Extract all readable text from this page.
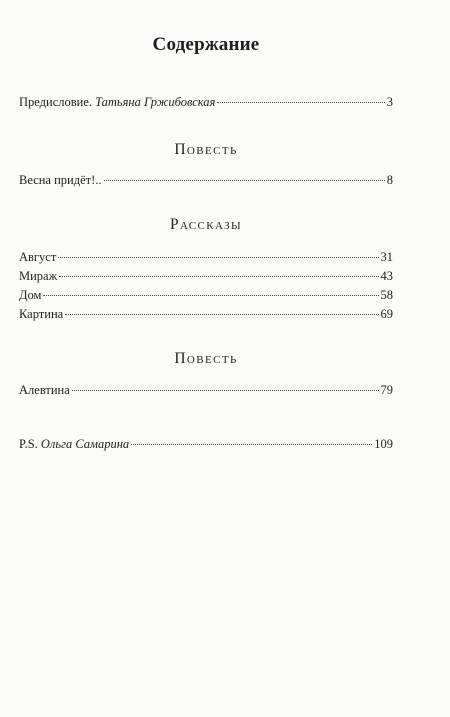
Содержание
Предисловие. Татьяна Гржибовская	3
Повесть
Весна придёт!..	8
Рассказы
Август	31
Мираж	43
Дом	58
Картина	69
Повесть
Алевтина	79
P.S. Ольга Самарина	109
